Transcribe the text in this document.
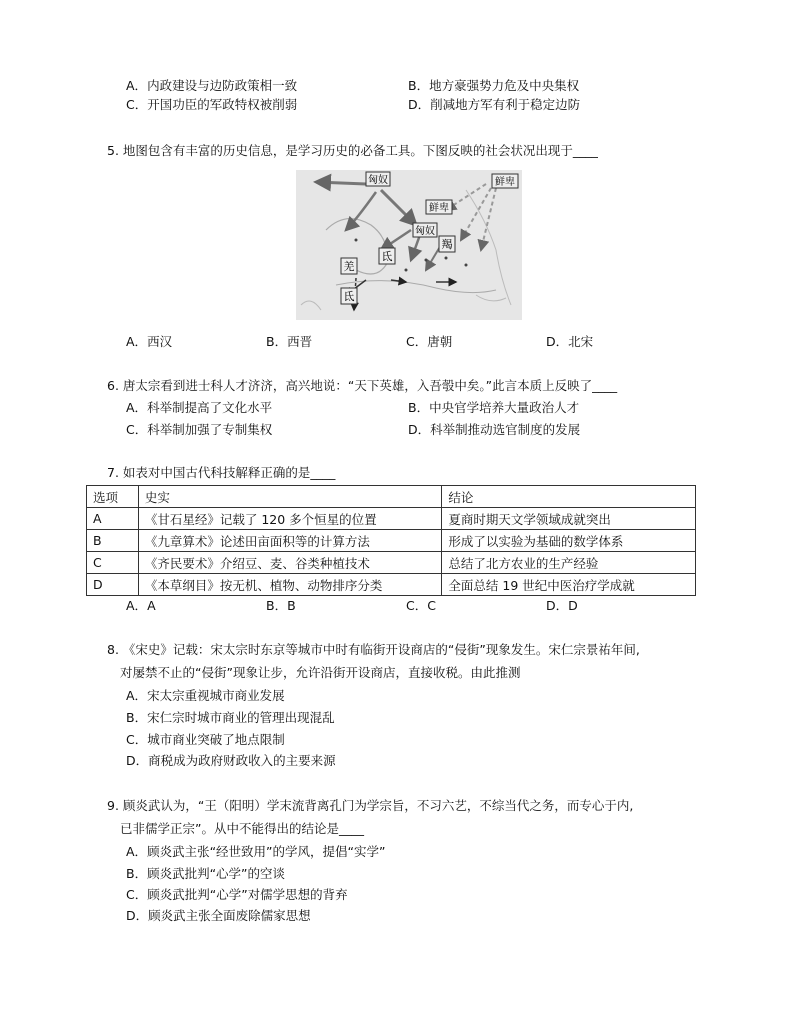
A．内政建设与边防政策相一致	B．地方豪强势力危及中央集权
C．开国功臣的军政特权被削弱	D．削减地方军有利于稳定边防
5. 地图包含有丰富的历史信息，是学习历史的必备工具。下图反映的社会状况出现于____
匈奴	鲜卑
鲜卑
匈奴
羯
羌
氐
氐
A．西汉	B．西晋	C．唐朝	D．北宋
6. 唐太宗看到进士科人才济济，高兴地说：“天下英雄，入吾彀中矣。”此言本质上反映了____
A．科举制提高了文化水平	B．中央官学培养大量政治人才
C．科举制加强了专制集权	D．科举制推动选官制度的发展
7. 如表对中国古代科技解释正确的是____
选项	史实	结论
A	《甘石星经》记载了 120 多个恒星的位置	夏商时期天文学领域成就突出
B	《九章算术》论述田亩面积等的计算方法	形成了以实验为基础的数学体系
C	《齐民要术》介绍豆、麦、谷类种植技术	总结了北方农业的生产经验
D	《本草纲目》按无机、植物、动物排序分类	全面总结 19 世纪中医治疗学成就
A．A	B．B	C．C	D．D
8. 《宋史》记载：宋太宗时东京等城市中时有临街开设商店的“侵街”现象发生。宋仁宗景祐年间,
对屡禁不止的“侵街”现象让步，允许沿街开设商店，直接收税。由此推测
A．宋太宗重视城市商业发展
B．宋仁宗时城市商业的管理出现混乱
C．城市商业突破了地点限制
D．商税成为政府财政收入的主要来源
9. 顾炎武认为，“王（阳明）学末流背离孔门为学宗旨，不习六艺，不综当代之务，而专心于内,
已非儒学正宗”。从中不能得出的结论是____
A．顾炎武主张“经世致用”的学风，提倡“实学”
B．顾炎武批判“心学”的空谈
C．顾炎武批判“心学”对儒学思想的背弃
D．顾炎武主张全面废除儒家思想
